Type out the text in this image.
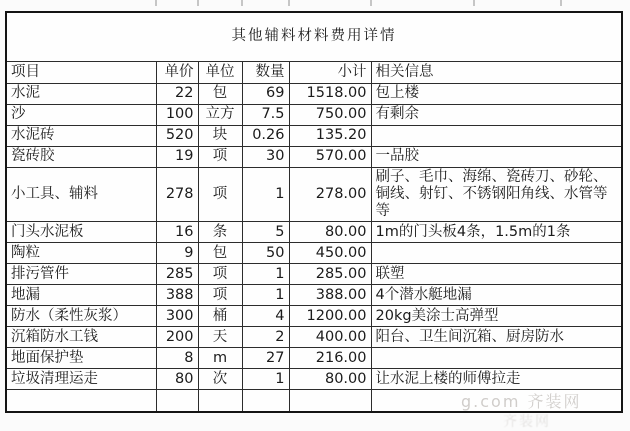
其他辅料材料费用详情					
项目	单价	单位	数量	小计	相关信息
水泥	22	包	69	1518.00	包上楼
沙	100	立方	7.5	750.00	有剩余
水泥砖	520	块	0.26	135.20	
瓷砖胶	19	项	30	570.00	一品胶
小工具、辅料	278	项	1	278.00	刷子、毛巾、海绵、瓷砖刀、砂轮、铜线、射钉、不锈钢阳角线、水管等等
门头水泥板	16	条	5	80.00	1m的门头板4条，1.5m的1条
陶粒	9	包	50	450.00	
排污管件	285	项	1	285.00	联塑
地漏	388	项	1	388.00	4个潜水艇地漏
防水（柔性灰浆）	300	桶	4	1200.00	20kg美涂士高弹型
沉箱防水工钱	200	天	2	400.00	阳台、卫生间沉箱、厨房防水
地面保护垫	8	m	27	216.00	
垃圾清理运走	80	次	1	80.00	让水泥上楼的师傅拉走

g.com 齐装网
齐装网
